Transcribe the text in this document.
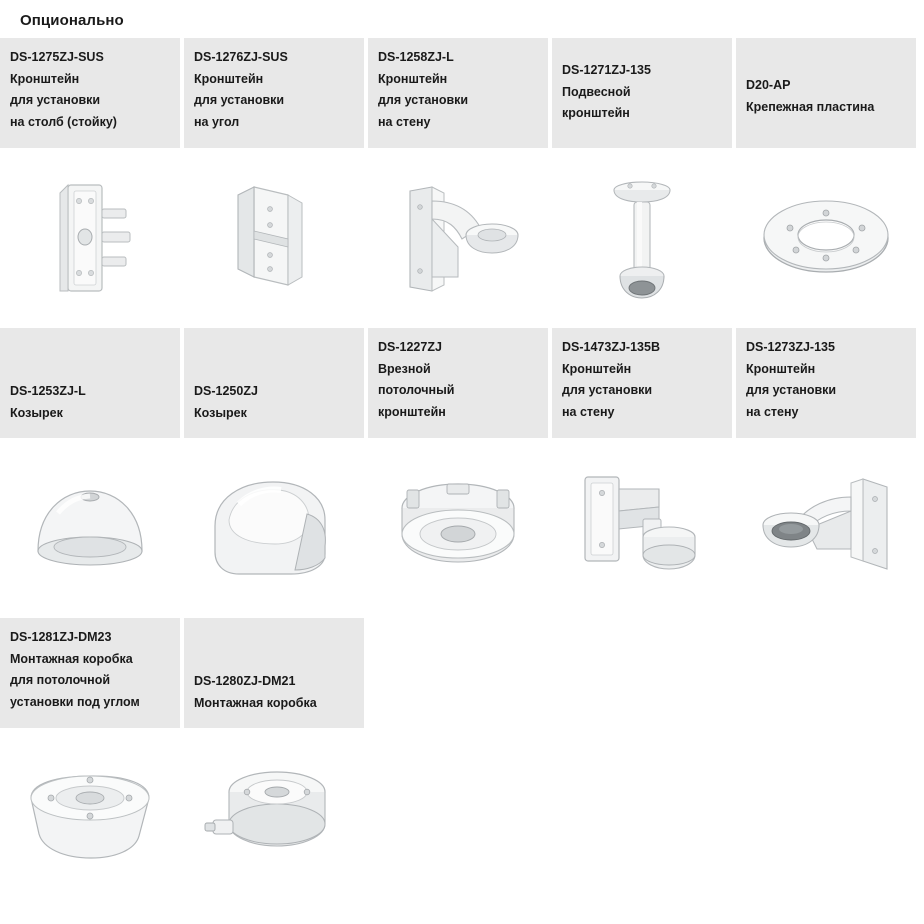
Опционально
DS-1275ZJ-SUS
Кронштейн
для установки
на столб (стойку)
DS-1276ZJ-SUS
Кронштейн
для установки
на угол
DS-1258ZJ-L
Кронштейн
для установки
на стену
DS-1271ZJ-135
Подвесной
кронштейн
D20-AP
Крепежная пластина
DS-1253ZJ-L
Козырек
DS-1250ZJ
Козырек
DS-1227ZJ
Врезной
потолочный
кронштейн
DS-1473ZJ-135B
Кронштейн
для установки
на стену
DS-1273ZJ-135
Кронштейн
для установки
на стену
DS-1281ZJ-DM23
Монтажная коробка
для потолочной
установки под углом
DS-1280ZJ-DM21
Монтажная коробка
